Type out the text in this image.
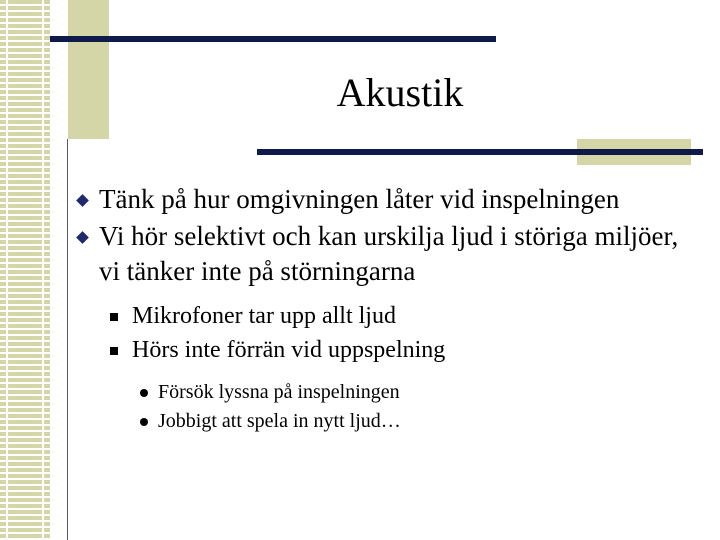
Akustik
Tänk på hur omgivningen låter vid inspelningen
Vi hör selektivt och kan urskilja ljud i störiga miljöer, vi tänker inte på störningarna
Mikrofoner tar upp allt ljud
Hörs inte förrän vid uppspelning
Försök lyssna på inspelningen
Jobbigt att spela in nytt ljud…
